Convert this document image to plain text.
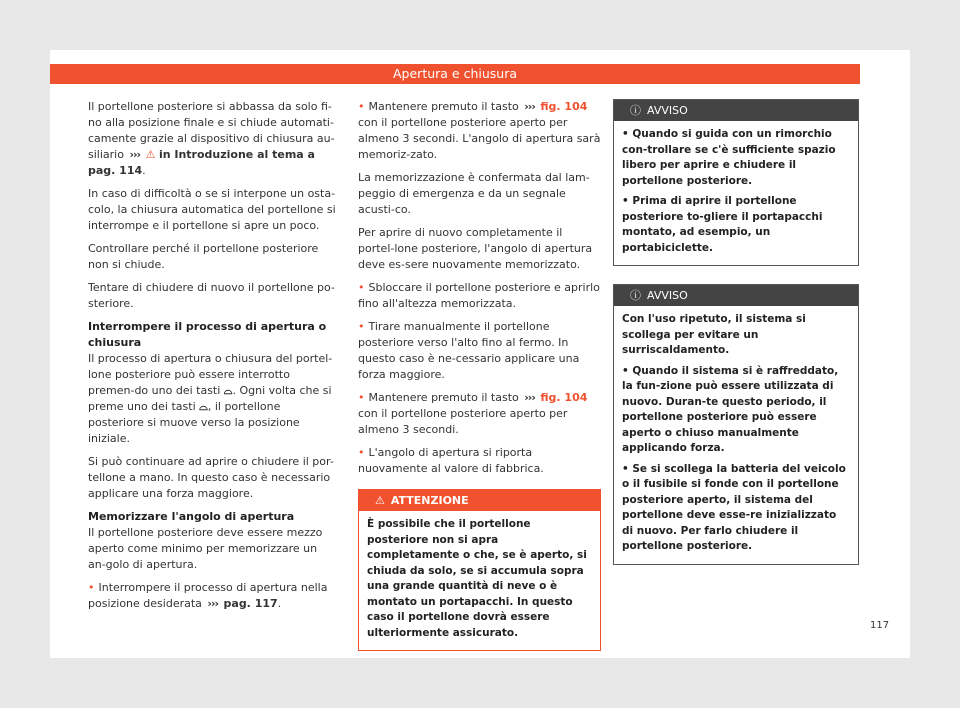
Apertura e chiusura

Il portellone posteriore si abbassa da solo fi-no alla posizione finale e si chiude automati-camente grazie al dispositivo di chiusura au-siliario ››› ⚠ in Introduzione al tema a pag. 114.

In caso di difficoltà o se si interpone un osta-colo, la chiusura automatica del portellone si interrompe e il portellone si apre un poco.

Controllare perché il portellone posteriore non si chiude.

Tentare di chiudere di nuovo il portellone po-steriore.

Interrompere il processo di apertura o chiusura

Il processo di apertura o chiusura del portel-lone posteriore può essere interrotto premen-do uno dei tasti ⌓. Ogni volta che si preme uno dei tasti ⌓, il portellone posteriore si muove verso la posizione iniziale.

Si può continuare ad aprire o chiudere il por-tellone a mano. In questo caso è necessario applicare una forza maggiore.

Memorizzare l'angolo di apertura

Il portellone posteriore deve essere mezzo aperto come minimo per memorizzare un an-golo di apertura.

• Interrompere il processo di apertura nella posizione desiderata ››› pag. 117.

• Mantenere premuto il tasto ››› fig. 104 con il portellone posteriore aperto per almeno 3 secondi. L'angolo di apertura sarà memoriz-zato.

La memorizzazione è confermata dal lam-peggio di emergenza e da un segnale acusti-co.

Per aprire di nuovo completamente il portel-lone posteriore, l'angolo di apertura deve es-sere nuovamente memorizzato.

• Sbloccare il portellone posteriore e aprirlo fino all'altezza memorizzata.

• Tirare manualmente il portellone posteriore verso l'alto fino al fermo. In questo caso è ne-cessario applicare una forza maggiore.

• Mantenere premuto il tasto ››› fig. 104 con il portellone posteriore aperto per almeno 3 secondi.

• L'angolo di apertura si riporta nuovamente al valore di fabbrica.

⚠ ATTENZIONE

È possibile che il portellone posteriore non si apra completamente o che, se è aperto, si chiuda da solo, se si accumula sopra una grande quantità di neve o è montato un portapacchi. In questo caso il portellone dovrà essere ulteriormente assicurato.

ⓘ AVVISO

• Quando si guida con un rimorchio con-trollare se c'è sufficiente spazio libero per aprire e chiudere il portellone posteriore.

• Prima di aprire il portellone posteriore to-gliere il portapacchi montato, ad esempio, un portabiciclette.

ⓘ AVVISO

Con l'uso ripetuto, il sistema si scollega per evitare un surriscaldamento.

• Quando il sistema si è raffreddato, la fun-zione può essere utilizzata di nuovo. Duran-te questo periodo, il portellone posteriore può essere aperto o chiuso manualmente applicando forza.

• Se si scollega la batteria del veicolo o il fusibile si fonde con il portellone posteriore aperto, il sistema del portellone deve esse-re inizializzato di nuovo. Per farlo chiudere il portellone posteriore.

117
